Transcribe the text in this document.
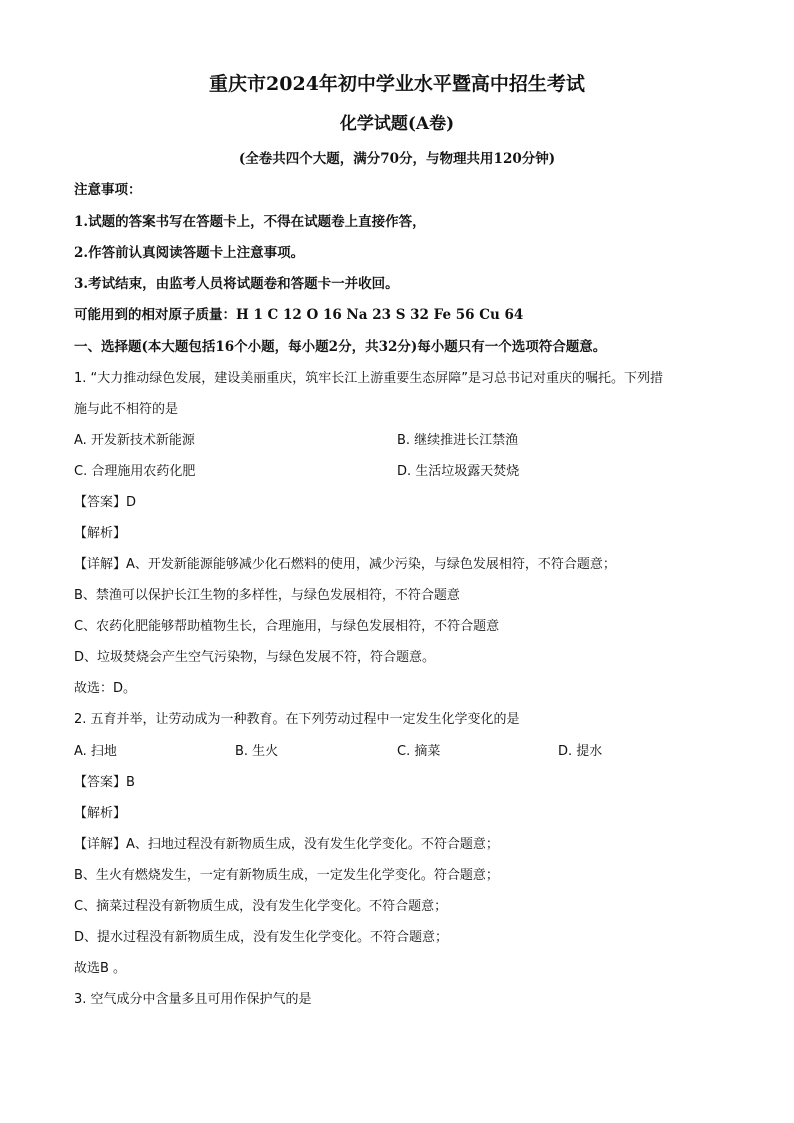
重庆市2024年初中学业水平暨高中招生考试
化学试题(A卷)
(全卷共四个大题，满分70分，与物理共用120分钟)
注意事项：
1.试题的答案书写在答题卡上，不得在试题卷上直接作答，
2.作答前认真阅读答题卡上注意事项。
3.考试结束，由监考人员将试题卷和答题卡一并收回。
可能用到的相对原子质量：H 1 C 12 O 16 Na 23 S 32 Fe 56 Cu 64
一、选择题(本大题包括16个小题，每小题2分，共32分)每小题只有一个选项符合题意。
1. “大力推动绿色发展，建设美丽重庆，筑牢长江上游重要生态屏障”是习总书记对重庆的嘱托。下列措
施与此不相符的是
A. 开发新技术新能源	B. 继续推进长江禁渔
C. 合理施用农药化肥	D. 生活垃圾露天焚烧
【答案】D
【解析】
【详解】A、开发新能源能够减少化石燃料的使用，减少污染，与绿色发展相符，不符合题意；
B、禁渔可以保护长江生物的多样性，与绿色发展相符，不符合题意
C、农药化肥能够帮助植物生长，合理施用，与绿色发展相符，不符合题意
D、垃圾焚烧会产生空气污染物，与绿色发展不符，符合题意。
故选：D。
2. 五育并举，让劳动成为一种教育。在下列劳动过程中一定发生化学变化的是
A. 扫地	B. 生火	C. 摘菜	D. 提水
【答案】B
【解析】
【详解】A、扫地过程没有新物质生成，没有发生化学变化。不符合题意；
B、生火有燃烧发生，一定有新物质生成，一定发生化学变化。符合题意；
C、摘菜过程没有新物质生成，没有发生化学变化。不符合题意；
D、提水过程没有新物质生成，没有发生化学变化。不符合题意；
故选B 。
3. 空气成分中含量多且可用作保护气的是
